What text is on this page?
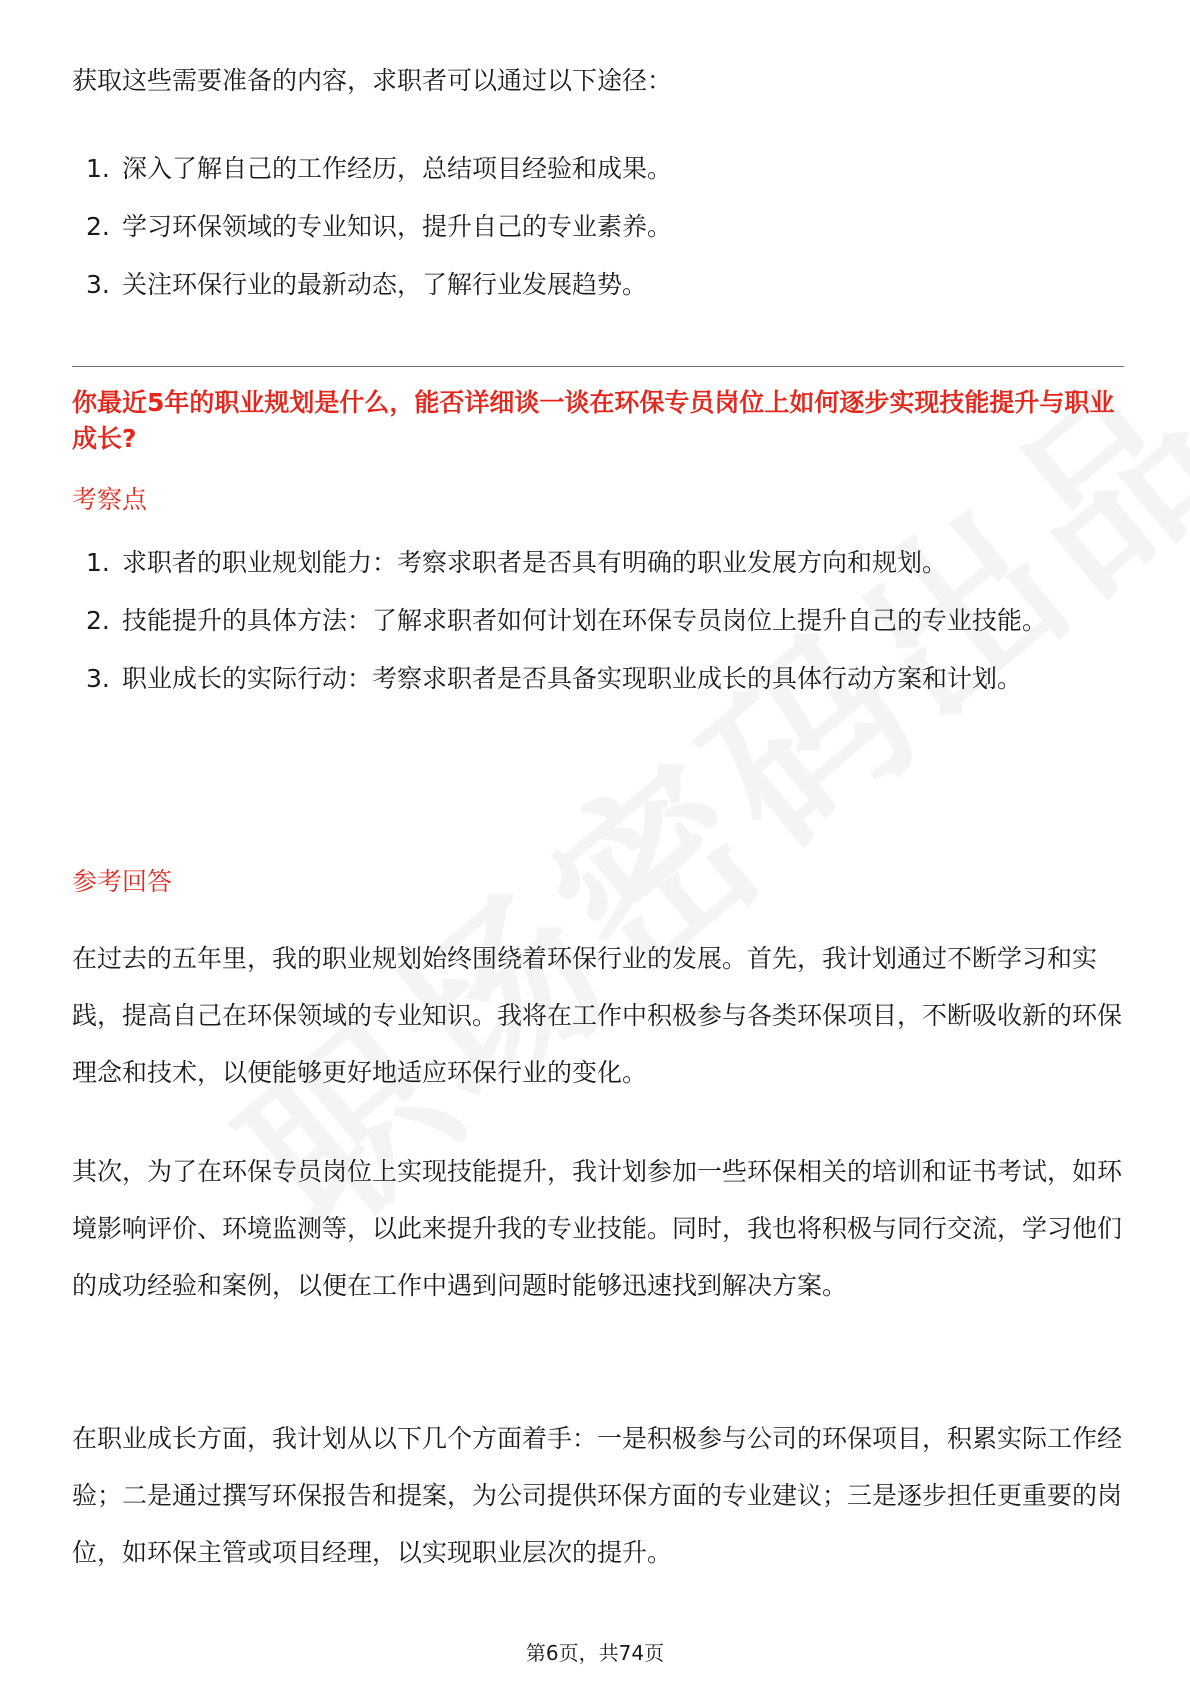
获取这些需要准备的内容，求职者可以通过以下途径：

1. 深入了解自己的工作经历，总结项目经验和成果。
2. 学习环保领域的专业知识，提升自己的专业素养。
3. 关注环保行业的最新动态，了解行业发展趋势。
你最近5年的职业规划是什么，能否详细谈一谈在环保专员岗位上如何逐步实现技能提升与职业成长?
考察点
1. 求职者的职业规划能力：考察求职者是否具有明确的职业发展方向和规划。
2. 技能提升的具体方法：了解求职者如何计划在环保专员岗位上提升自己的专业技能。
3. 职业成长的实际行动：考察求职者是否具备实现职业成长的具体行动方案和计划。
参考回答

在过去的五年里，我的职业规划始终围绕着环保行业的发展。首先，我计划通过不断学习和实践，提高自己在环保领域的专业知识。我将在工作中积极参与各类环保项目，不断吸收新的环保理念和技术，以便能够更好地适应环保行业的变化。

其次，为了在环保专员岗位上实现技能提升，我计划参加一些环保相关的培训和证书考试，如环境影响评价、环境监测等，以此来提升我的专业技能。同时，我也将积极与同行交流，学习他们的成功经验和案例，以便在工作中遇到问题时能够迅速找到解决方案。

在职业成长方面，我计划从以下几个方面着手：一是积极参与公司的环保项目，积累实际工作经验；二是通过撰写环保报告和提案，为公司提供环保方面的专业建议；三是逐步担任更重要的岗位，如环保主管或项目经理，以实现职业层次的提升。

第6页，共74页
